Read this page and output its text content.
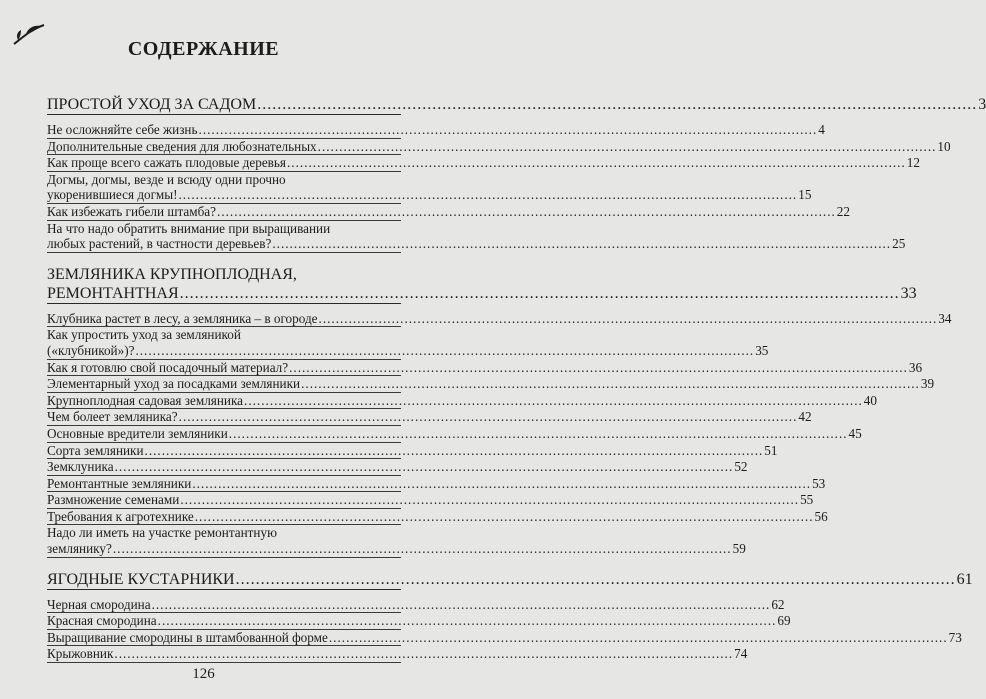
СОДЕРЖАНИЕ
ПРОСТОЙ УХОД ЗА САДОМ .....	3
Не осложняйте себе жизнь .....	4
Дополнительные сведения для любознательных .....	10
Как проще всего сажать плодовые деревья .....	12
Догмы, догмы, везде и всюду одни прочно
укоренившиеся догмы! .....	15
Как избежать гибели штамба? .....	22
На что надо обратить внимание при выращивании
любых растений, в частности деревьев? .....	25
ЗЕМЛЯНИКА КРУПНОПЛОДНАЯ,
РЕМОНТАНТНАЯ .....	33
Клубника растет в лесу, а земляника – в огороде .....	34
Как упростить уход за земляникой
(«клубникой»)? .....	35
Как я готовлю свой посадочный материал? .....	36
Элементарный уход за посадками земляники .....	39
Крупноплодная садовая земляника .....	40
Чем болеет земляника? .....	42
Основные вредители земляники .....	45
Сорта земляники .....	51
Земклуника .....	52
Ремонтантные земляники .....	53
Размножение семенами .....	55
Требования к агротехнике .....	56
Надо ли иметь на участке ремонтантную
землянику? .....	59
ЯГОДНЫЕ КУСТАРНИКИ .....	61
Черная смородина .....	62
Красная смородина .....	69
Выращивание смородины в штамбованной форме .....	73
Крыжовник .....	74
126
